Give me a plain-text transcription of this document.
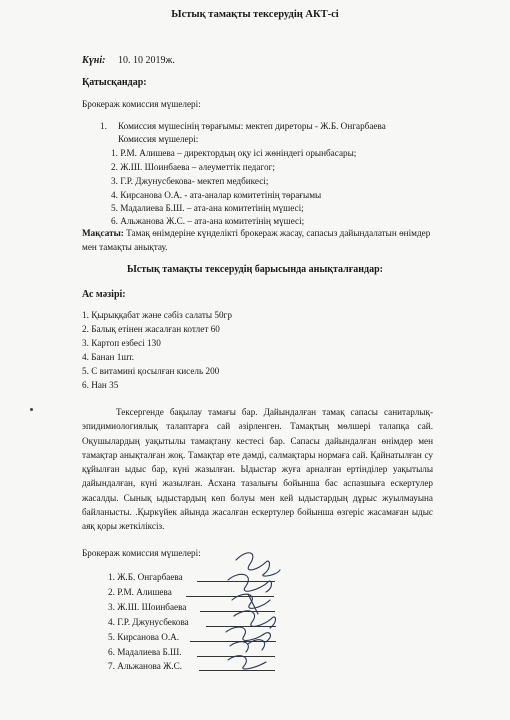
Ыстық тамақты тексерудің АКТ-сі
Күні: 10. 10 2019ж.
Қатысқандар:
Брокераж комиссия мүшелері:
1. Комиссия мүшесінің төрағымы: мектеп диреторы - Ж.Б. Онгарбаева
Комиссия мүшелері:
1. Р.М. Алишева – директордың оқу ісі жөніндегі орынбасары;
2. Ж.Ш. Шоинбаева – әлеуметтік педагог;
3. Г.Р. Джунусбекова- мектеп медбикесі;
4. Кирсанова О.А. - ата-аналар комитетінің төрағымы
5. Мадалиева Б.Ш. – ата-ана комитетінің мүшесі;
6. Альжанова Ж.С. – ата-ана комитетінің мүшесі;
Мақсаты: Тамақ өнімдеріне күнделікті брокераж жасау, сапасыз дайындалатын өнімдер мен тамақты анықтау.
Ыстық тамақты тексерудің барысында анықталғандар:
Ас мәзірі:
1. Қырыққабат және сәбіз салаты 50гр
2. Балық етінен жасалған котлет 60
3. Картоп езбесі 130
4. Банан 1шт.
5. С витамині қосылған кисель 200
6. Нан 35
Тексергенде бақылау тамағы бар. Дайындалған тамақ сапасы санитарлық-эпидимиологиялық талаптарға сай әзірленген. Тамақтың мөлшері талапқа сай. Оқушылардың уақытылы тамақтану кестесі бар. Сапасы дайындалған өнімдер мен тамақтар анықталған жоқ. Тамақтар өте дәмді, салмақтары нормаға сай. Қайнатылған су құйылған ыдыс бар, күні жазылған. Ыдыстар жуға арналған ертінділер уақытылы дайындалған, күні жазылған. Асхана тазалығы бойынша бас аспазшыға ескертулер жасалды. Сынық ыдыстардың көп болуы мен кей ыдыстардың дұрыс жуылмауына байланысты. .Қыркүйек айында жасалған ескертулер бойынша өзгеріс жасамаған ыдыс аяқ қоры жеткіліксіз.
Брокераж комиссия мүшелері:
1. Ж.Б. Онгарбаева
2. Р.М. Алишева
3. Ж.Ш. Шоинбаева
4. Г.Р. Джунусбекова
5. Кирсанова О.А.
6. Мадалиева Б.Ш.
7. Альжанова Ж.С.
